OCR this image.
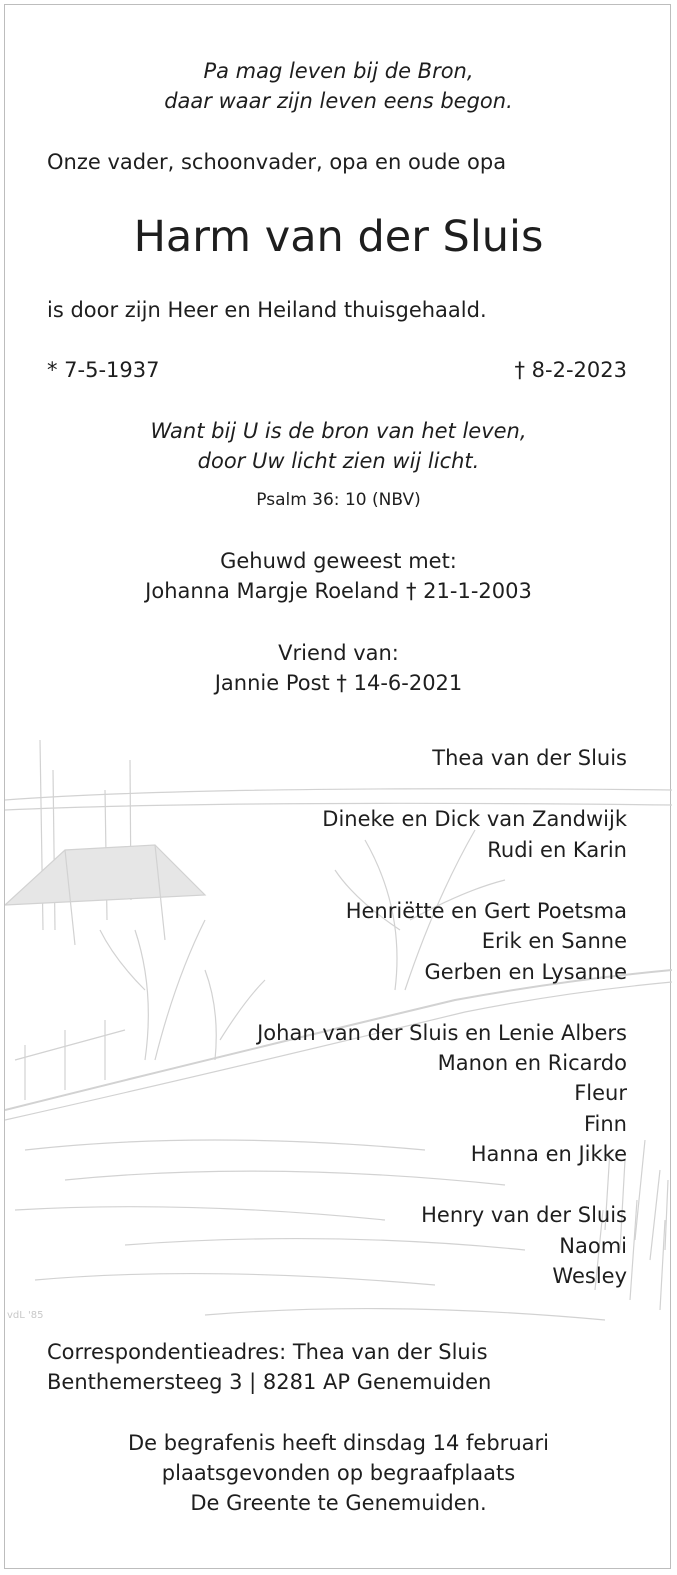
vdL '85
Pa mag leven bij de Bron,
daar waar zijn leven eens begon.
Onze vader, schoonvader, opa en oude opa
Harm van der Sluis
is door zijn Heer en Heiland thuisgehaald.
* 7-5-1937	† 8-2-2023
Want bij U is de bron van het leven,
door Uw licht zien wij licht.
Psalm 36: 10 (NBV)
Gehuwd geweest met:
Johanna Margje Roeland † 21-1-2003
Vriend van:
Jannie Post † 14-6-2021
Thea van der Sluis
Dineke en Dick van Zandwijk
Rudi en Karin
Henriëtte en Gert Poetsma
Erik en Sanne
Gerben en Lysanne
Johan van der Sluis en Lenie Albers
Manon en Ricardo
Fleur
Finn
Hanna en Jikke
Henry van der Sluis
Naomi
Wesley
Correspondentieadres: Thea van der Sluis
Benthemersteeg 3 | 8281 AP Genemuiden
De begrafenis heeft dinsdag 14 februari
plaatsgevonden op begraafplaats
De Greente te Genemuiden.
